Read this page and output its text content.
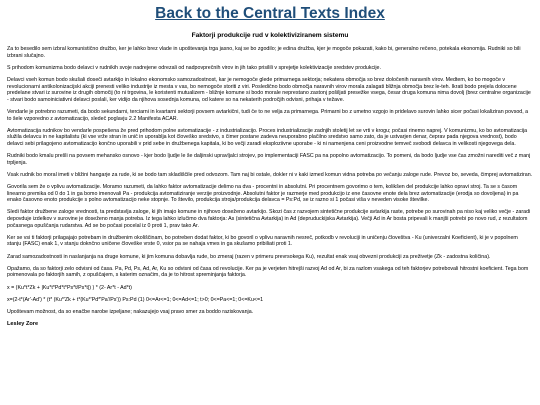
Back to the Central Texts Index
Faktorji produkcije rud v kolektiviziranem sistemu

Za to besedilo sem izbral komunistično družbo, ker je lahko brez vlade in upoštevanja trga jasno, kaj se bo zgodilo; je edina družba, kjer je mogoče pokazati, kako bi, generalno rečeno, potekala ekonomija. Rudniki so bili izbrani slučajno.

S prihodom komunizma bodo delavci v rudnikih svoje nadrejene odrezali od nadpovprečnih virov in jih tako prisilili v sprejetje kolektivizacije sredstev produkcije.

Delavci vseh komun bodo skušali doseči avtarkijo in lokalno ekonomsko samozadostnost, kar je nemogoče glede primarnega sektorja; nekatera območja so brez določenih naravnih virov. Medtem, ko bo mogoče v revolucionarni antikolonizacijski akciji prenesti veliko industrije iz mesta v vas, bo nemogoče storiti z viri. Posledično bodo območja naravnih virov morala zalagati bližnja območja brez le-teh. Ikrati bodo prejela dolocene predelane stvari iz surovine iz drugih območij (to ni trgovina, le koristenti mutualizem - bližnje komune si bodo morale neprestano zastonj pošiljati presežke vsega, česar druga komuna nima dovolj (brez centralne organizacije - stvari bodo samoiniciativni delavci poslali, ker vidijo da njihova sosednja komuna, od katere so na nekaterih področjih odvisni, prihaja v težave.

Vendarle je potrebno razumeti, da bodo sekundarni, terciarni in kvartarni sektorji povsem avtarkični, tudi če to ne velja za primarnega. Primarni bo z umetno vzgojo in pridelavo surovin lahko sicer počasi lokaliziran povsod, a to šele vzporedno z avtomatizacijo, sledeč poglavju 2.2 Manifesta ACAR.

Avtomatizacija rudnikov bo vendarle pospešena že pred prihodom polne avtomatizacije - z industrializacijo. Proces industrializacije zadnjih stoletij let se vrti v krogu; počasi rinemo naprej. V komunizmu, ko bo avtomatizacija služila delavcu in ne kapitalistu (ki vse vrže stran in unič in uporablja kot človeško sredstvo, s čimer postane zadeva neuporabno plačilno sredstvo samo zato, da je ustvarjen denar, čeprav pada njegova vrednost), bodo delavci sebi prilagojeno avtomatizacijo končno uporabili v prid sebe in družbenega kapitala, ki bo večji zaradi eksploziivne uporabe - ki ni namenjena ceni proizvodne temveč svobodi delavca in velikosti njegovega dela.

Rudniki bodo kmalu prešli na povsem mehansko osnovo - kjer bodo ljudje le še daljinski upravljalci strojev, po implementaciji FASC pa na popolno avtomatizacijo. To pomeni, da bodo ljudje vse čas zmožni narediti več z manj trpljenja.

Vsak rudnik bo moral imeti v bližini hangarje za rude, ki se bodo tam skladiščile pred odvozom. Tam naj bi ostale, dokler ni v kaki izmed komun vidna potreba po večanju zaloge rude. Prevoz bo, seveda, čimprej avtomatiziran.

Govorila sem že o vplivu avtomatizacije. Moramo razumeti, da lahko faktor avtomatizacije delimo na dva - procentni in absolutni. Pri procentnem govorimo o tem, kolikšen del produkcije lahko opravi stroj. Ta se s časom linearno premika od 0 do 1 in ga bomo imenovali Pa - produkcija avtomatiziranje verzije proizvodnje. Absolutni faktor je razmerje med produkcijo iz ene časovne enote dela brez avtomatizacije (erodja so dovoljena) in pa enako časovno enoto produkcije s polno avtomatizacijo neke stopnje. To število, produkcija stroja/produkcija delavca = Ps:Pd, se iz razno si 1 počasi viša v neveden visoke številke.

Sledi faktor družbene zaloge vrednosti, ta predstavlja zaloge, ki jih imajo komune in njihovo doseženo avtarkijo. Skozi čas z razvojem sintetične produkcije avtarkija raste, potrebe po surovinah pa niso kaj veliko večje - zaradi depovduje izdelkov v surovine je doseženo manja potreba. Iz tega lahko izlučimo dva faktorja: As (sintetična Avtarkija) in Ad (depruduckijska Avtarkija). Večji Ad in Ar bosta pripevali k manjši potrebi po novo rud, z rezultatom počasnega opuščanja rudarstva. Ad se bo počasi pocelal iz 0 proti 1, prav tako Ar.

Ker se vsi ti faktorji prilagajajo potrebam in družbenim okoliščinam, bo potreben dodat faktor, ki bo govoril o vplivu naravnih nesreč, potkodb v revoluciji in uničenju človeštva - Ku (univerzalni Koeficient), ki je v popolnem stanju (FASC) enak 1, v stanju doknčno uničene človeške vrste 0, vsior pa se nahaja vmes in ga skušamo pribiliati proti 1.

Zarad samozadostnosti in naslanjanja na druge komune, ki jim komuna dobavlja rude, bo zmeraj (razen v primeru prevrsokega Ku), rezultat enak vsaj obvezni produkciji za preživetje (Zk - zadostna količina).

Opažamo, da so faktorji zelo odvisni od časa. Pa, Pd, Ps, Ad, Ar, Ku so odvisni od časa od revolucije. Ker pa je verjeten hitrejši razvoj Ad od Ar, bi za razlom vsakega od teh faktorjev potrebovali hitrostni koeficient. Tega bom poimenovala po faktorjih samih, z opuščajem, s katerim označim, da je to hitrost spreminjanja faktorja.

x = (Ku*t*Zk + |Ku*t*Pd*t*Ps*t/Ps*t|) ) * (2- Ar*t - Ad*t)

x=(2-t*(Ar'-Ad') * (t* (Ku*'Zk + t*(Ku*'Pd*'Pa'/Ps')) Ps:Pd (1) 0<=Ar<=1; 0<=Ad<=1; t>0; 0<=Pa<=1; 0<=Ku<=1

Upoštevam možnost, da so enačbe narobe izpeljane; nakazujejo vsaj pravo smer za boddo raziskovanja.

Lesley Zore
